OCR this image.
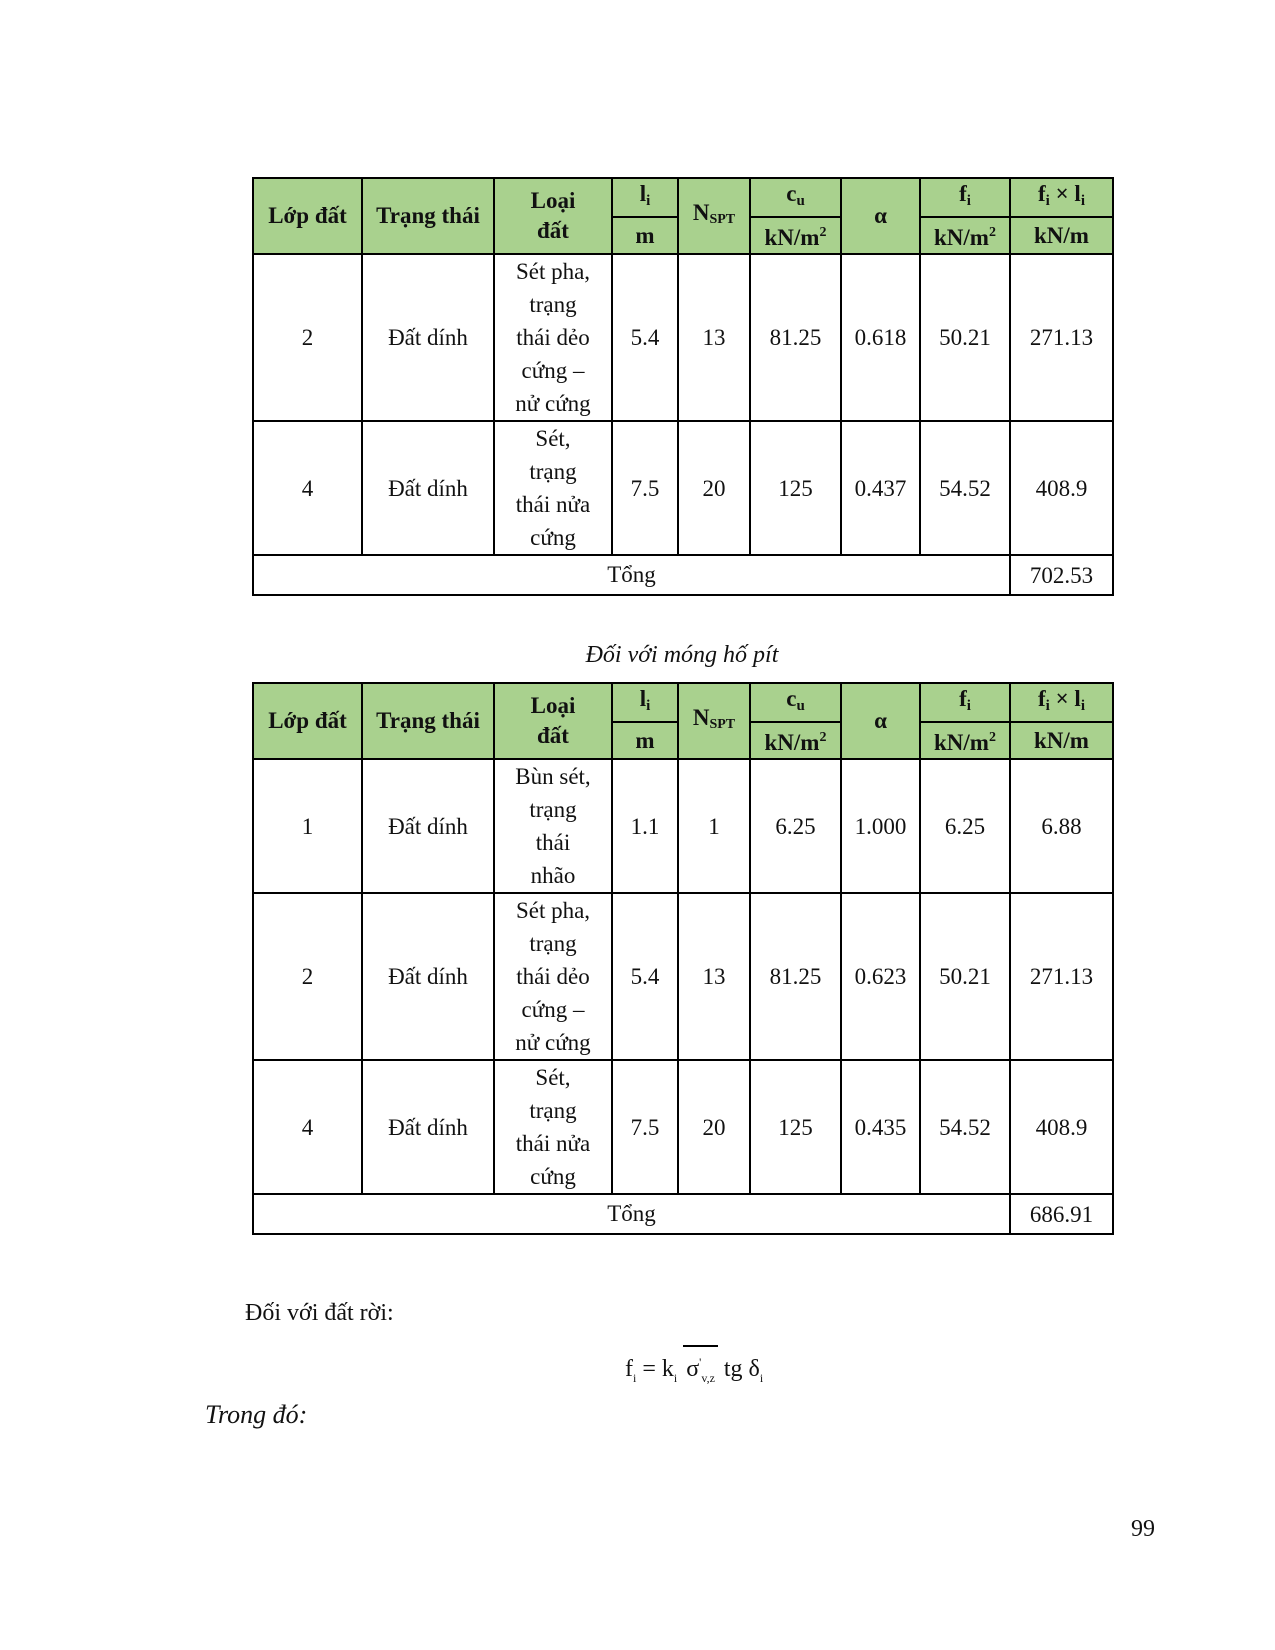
Lớp đất	Trạng thái	Loại
đất	$l_i$	NSPT	$c_u$	α	$f_i$	$f_i \times l_i$
			m		$kN/m^2$		$kN/m^2$	kN/m
2	Đất dính	Sét pha,
trạng
thái dẻo
cứng –
nử cứng	5.4	13	81.25	0.618	50.21	271.13
4	Đất dính	Sét,
trạng
thái nửa
cứng	7.5	20	125	0.437	54.52	408.9
Tổng								702.53
Đối với móng hố pít
Lớp đất	Trạng thái	Loại
đất	$l_i$	NSPT	$c_u$	α	$f_i$	$f_i \times l_i$
			m		$kN/m^2$		$kN/m^2$	kN/m
1	Đất dính	Bùn sét,
trạng
thái
nhão	1.1	1	6.25	1.000	6.25	6.88
2	Đất dính	Sét pha,
trạng
thái dẻo
cứng –
nử cứng	5.4	13	81.25	0.623	50.21	271.13
4	Đất dính	Sét,
trạng
thái nửa
cứng	7.5	20	125	0.435	54.52	408.9
Tổng								686.91
Đối với đất rời:
$f_i = k_i$ $\sigma'_{v,z}$ tg $\delta_i$
Trong đó:
99
